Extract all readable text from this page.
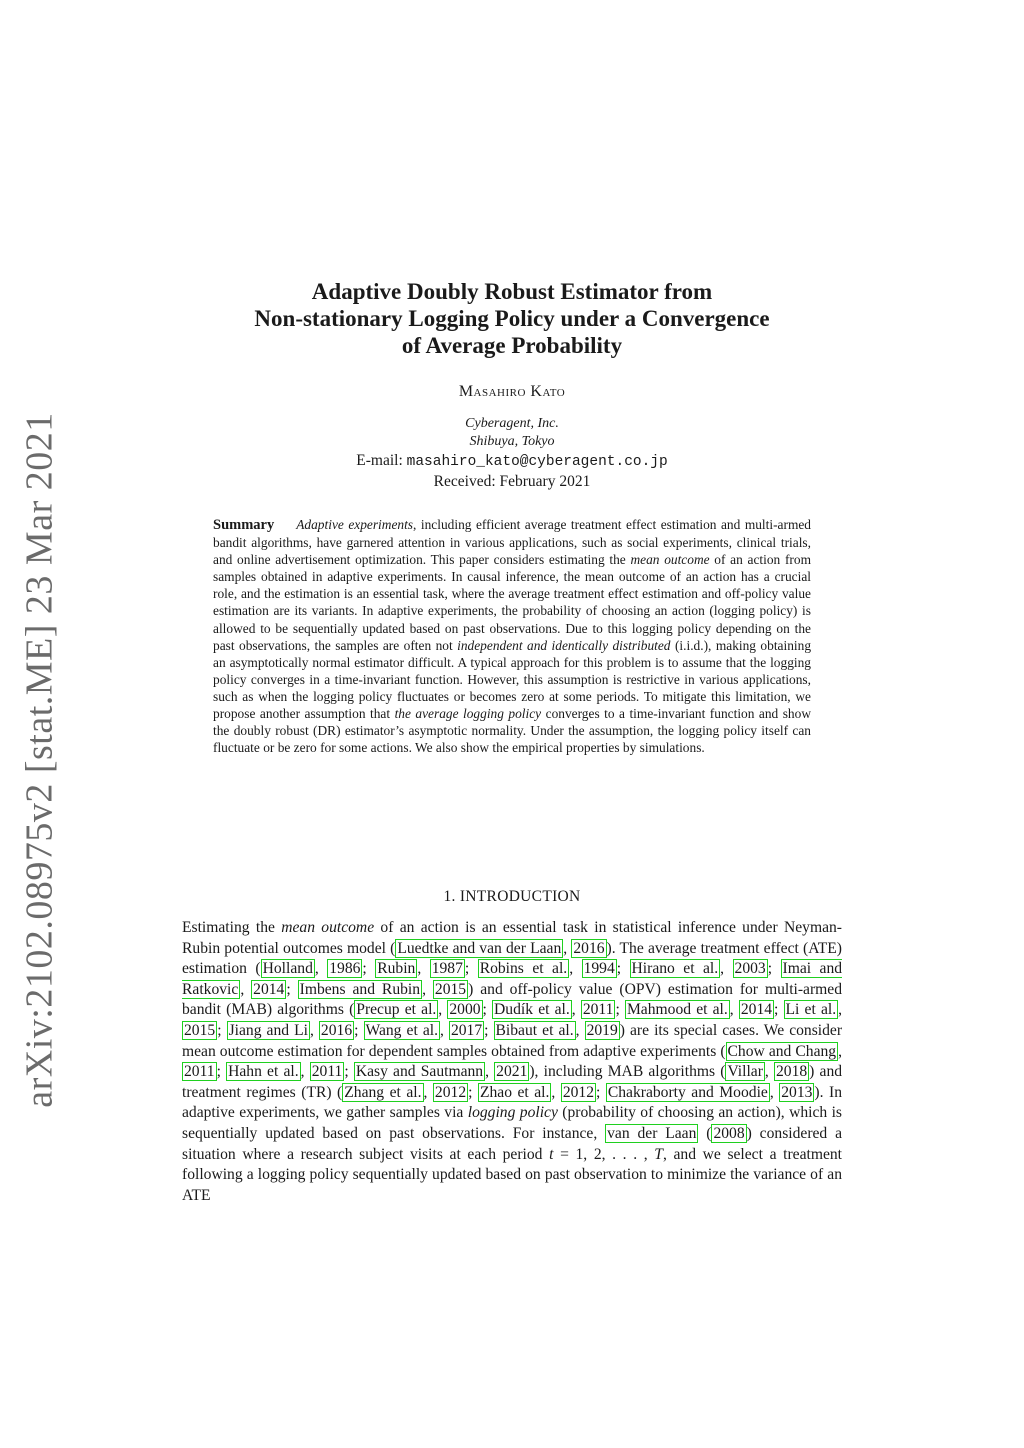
arXiv:2102.08975v2 [stat.ME] 23 Mar 2021
Adaptive Doubly Robust Estimator from
Non-stationary Logging Policy under a Convergence
of Average Probability
Masahiro Kato
Cyberagent, Inc.
Shibuya, Tokyo
E-mail: masahiro_kato@cyberagent.co.jp
Received: February 2021

Summary Adaptive experiments, including efficient average treatment effect estimation and multi-armed bandit algorithms, have garnered attention in various applications, such as social experiments, clinical trials, and online advertisement optimization. This paper considers estimating the mean outcome of an action from samples obtained in adaptive experiments. In causal inference, the mean outcome of an action has a crucial role, and the estimation is an essential task, where the average treatment effect estimation and off-policy value estimation are its variants. In adaptive experiments, the probability of choosing an action (logging policy) is allowed to be sequentially updated based on past observations. Due to this logging policy depending on the past observations, the samples are often not independent and identically distributed (i.i.d.), making obtaining an asymptotically normal estimator difficult. A typical approach for this problem is to assume that the logging policy converges in a time-invariant function. However, this assumption is restrictive in various applications, such as when the logging policy fluctuates or becomes zero at some periods. To mitigate this limitation, we propose another assumption that the average logging policy converges to a time-invariant function and show the doubly robust (DR) estimator’s asymptotic normality. Under the assumption, the logging policy itself can fluctuate or be zero for some actions. We also show the empirical properties by simulations.

1. INTRODUCTION

Estimating the mean outcome of an action is an essential task in statistical inference under Neyman-Rubin potential outcomes model ( Luedtke and van der Laan , 2016 ). The average treatment effect (ATE) estimation ( Holland , 1986 ; Rubin , 1987 ; Robins et al. , 1994 ; Hirano et al. , 2003 ; Imai and Ratkovic , 2014 ; Imbens and Rubin , 2015 ) and off-policy value (OPV) estimation for multi-armed bandit (MAB) algorithms ( Precup et al. , 2000 ; Dudík et al. , 2011 ; Mahmood et al. , 2014 ; Li et al. , 2015 ; Jiang and Li , 2016 ; Wang et al. , 2017 ; Bibaut et al. , 2019 ) are its special cases. We consider mean outcome estimation for dependent samples obtained from adaptive experiments ( Chow and Chang , 2011 ; Hahn et al. , 2011 ; Kasy and Sautmann , 2021 ), including MAB algorithms ( Villar , 2018 ) and treatment regimes (TR) ( Zhang et al. , 2012 ; Zhao et al. , 2012 ; Chakraborty and Moodie , 2013 ). In adaptive experiments, we gather samples via logging policy (probability of choosing an action), which is sequentially updated based on past observations. For instance, van der Laan ( 2008 ) considered a situation where a research subject visits at each period t = 1, 2, . . . , T, and we select a treatment following a logging policy sequentially updated based on past observation to minimize the variance of an ATE
